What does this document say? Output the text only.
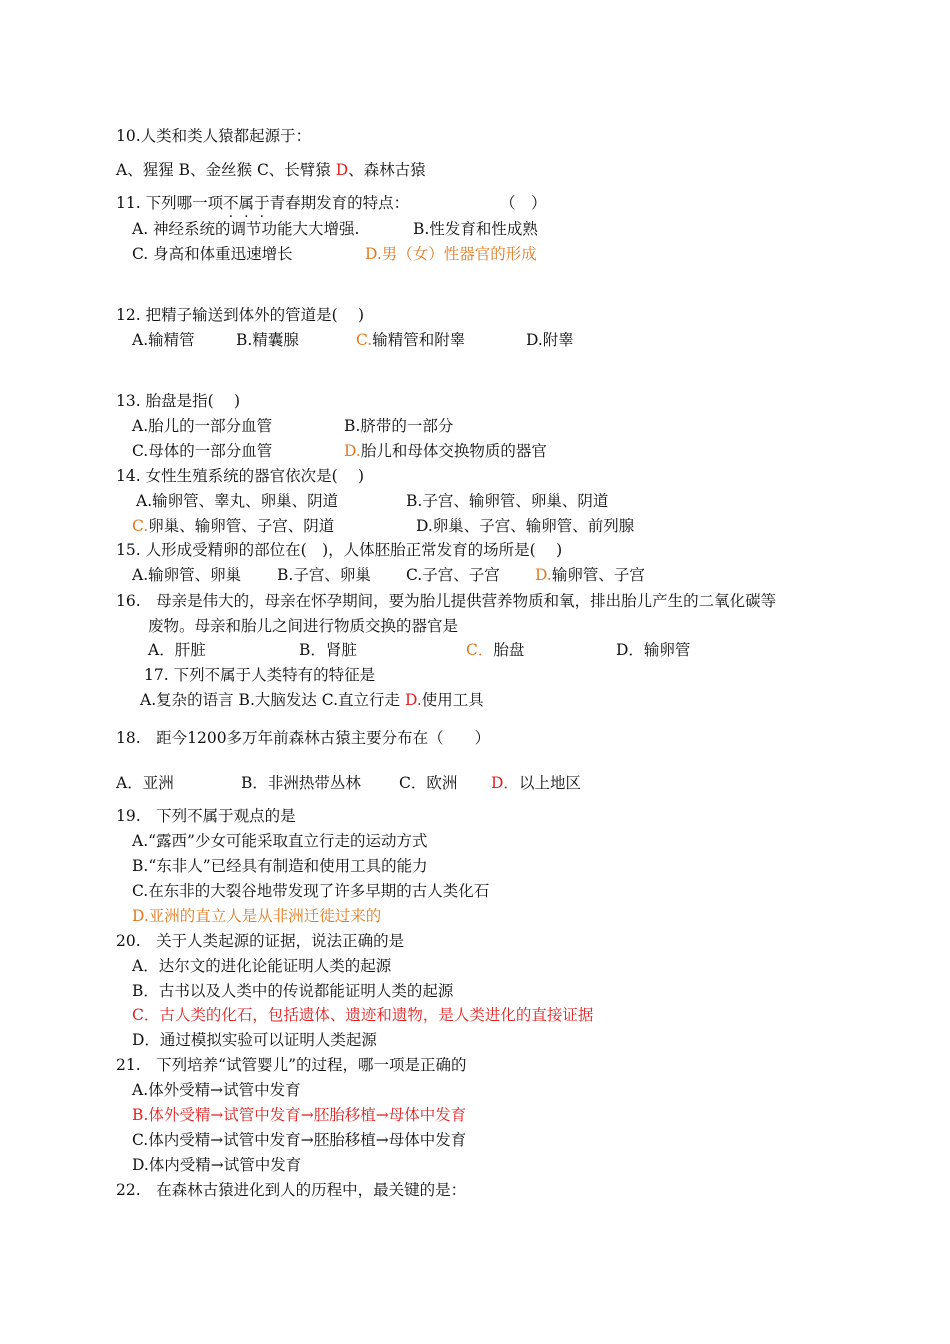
10.人类和类人猿都起源于：
A、猩猩 B、金丝猴 C、长臂猿 D、森林古猿
11. 下列哪一项不属于青春期发育的特点：	（　）
A. 神经系统的调节功能大大增强.	B.性发育和性成熟
C. 身高和体重迅速增长	D.男（女）性器官的形成
12. 把精子输送到体外的管道是(　 )
A.输精管	B.精囊腺	C.输精管和附睾	D.附睾
13. 胎盘是指(　 )
A.胎儿的一部分血管	B.脐带的一部分
C.母体的一部分血管	D.胎儿和母体交换物质的器官
14. 女性生殖系统的器官依次是(　 )
A.输卵管、睾丸、卵巢、阴道	B.子宫、输卵管、卵巢、阴道
C.卵巢、输卵管、子宫、阴道	D.卵巢、子宫、输卵管、前列腺
15. 人形成受精卵的部位在(　)，人体胚胎正常发育的场所是(　 )
A.输卵管、卵巢 B.子宫、卵巢 C.子宫、子宫 D.输卵管、子宫
16.　母亲是伟大的，母亲在怀孕期间，要为胎儿提供营养物质和氧，排出胎儿产生的二氧化碳等
废物。母亲和胎儿之间进行物质交换的器官是
A．肝脏	B．肾脏	C．胎盘	D．输卵管
17. 下列不属于人类特有的特征是
A.复杂的语言 B.大脑发达 C.直立行走 D.使用工具
18.　距今1200多万年前森林古猿主要分布在（　　）
A．亚洲	B．非洲热带丛林 C．欧洲 D．以上地区
19.　下列不属于观点的是
A.“露西”少女可能采取直立行走的运动方式
B.“东非人”已经具有制造和使用工具的能力
C.在东非的大裂谷地带发现了许多早期的古人类化石
D.亚洲的直立人是从非洲迁徙过来的
20.　关于人类起源的证据，说法正确的是
A．达尔文的进化论能证明人类的起源
B．古书以及人类中的传说都能证明人类的起源
C．古人类的化石，包括遗体、遗迹和遗物，是人类进化的直接证据
D．通过模拟实验可以证明人类起源
21.　下列培养“试管婴儿”的过程，哪一项是正确的
A.体外受精→试管中发育
B.体外受精→试管中发育→胚胎移植→母体中发育
C.体内受精→试管中发育→胚胎移植→母体中发育
D.体内受精→试管中发育
22.　在森林古猿进化到人的历程中，最关键的是：
